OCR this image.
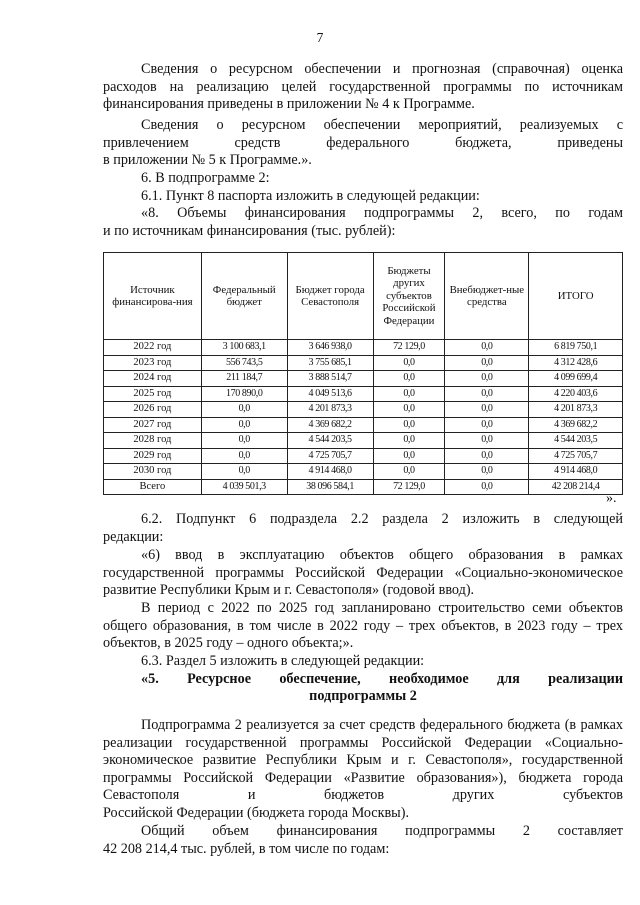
7

Сведения о ресурсном обеспечении и прогнозная (справочная) оценка расходов на реализацию целей государственной программы по источникам

финансирования приведены в приложении № 4 к Программе.

Сведения о ресурсном обеспечении мероприятий, реализуемых с привлечением средств федерального бюджета, приведены

в приложении № 5 к Программе.».

6. В подпрограмме 2:

6.1. Пункт 8 паспорта изложить в следующей редакции:

«8. Объемы финансирования подпрограммы 2, всего, по годам

и по источникам финансирования (тыс. рублей):

Источник финансирова-ния	Федеральный бюджет	Бюджет города Севастополя	Бюджеты других субъектов Российской Федерации	Внебюджет-ные средства	ИТОГО
2022 год	3 100 683,1	3 646 938,0	72 129,0	0,0	6 819 750,1
2023 год	556 743,5	3 755 685,1	0,0	0,0	4 312 428,6
2024 год	211 184,7	3 888 514,7	0,0	0,0	4 099 699,4
2025 год	170 890,0	4 049 513,6	0,0	0,0	4 220 403,6
2026 год	0,0	4 201 873,3	0,0	0,0	4 201 873,3
2027 год	0,0	4 369 682,2	0,0	0,0	4 369 682,2
2028 год	0,0	4 544 203,5	0,0	0,0	4 544 203,5
2029 год	0,0	4 725 705,7	0,0	0,0	4 725 705,7
2030 год	0,0	4 914 468,0	0,0	0,0	4 914 468,0
Всего	4 039 501,3	38 096 584,1	72 129,0	0,0	42 208 214,4
».

6.2. Подпункт 6 подраздела 2.2 раздела 2 изложить в следующей

редакции:

«6) ввод в эксплуатацию объектов общего образования в рамках государственной программы Российской Федерации «Социально-экономическое

развитие Республики Крым и г. Севастополя» (годовой ввод).

В период с 2022 по 2025 год запланировано строительство семи объектов общего образования, в том числе в 2022 году – трех объектов, в 2023 году – трех

объектов, в 2025 году – одного объекта;».

6.3. Раздел 5 изложить в следующей редакции:

«5. Ресурсное обеспечение, необходимое для реализации

подпрограммы 2

Подпрограмма 2 реализуется за счет средств федерального бюджета (в рамках реализации государственной программы Российской Федерации «Социально-экономическое развитие Республики Крым и г. Севастополя», государственной программы Российской Федерации «Развитие образования»), бюджета города Севастополя и бюджетов других субъектов

Российской Федерации (бюджета города Москвы).

Общий объем финансирования подпрограммы 2 составляет

42 208 214,4 тыс. рублей, в том числе по годам:
